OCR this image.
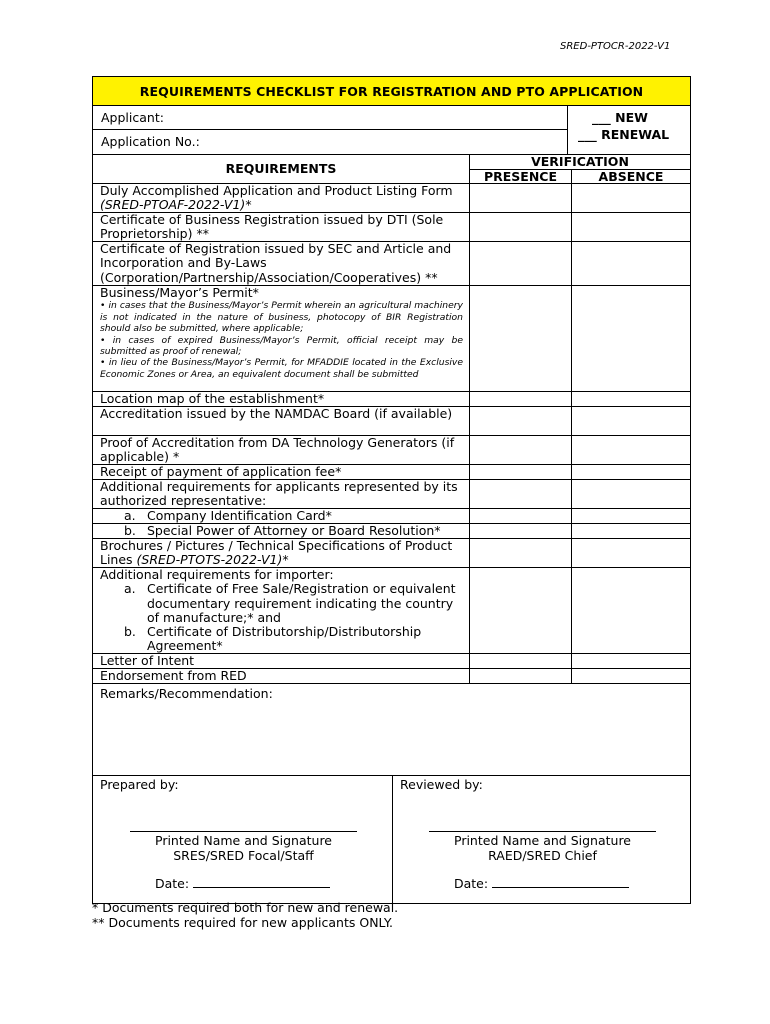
SRED-PTOCR-2022-V1
REQUIREMENTS CHECKLIST FOR REGISTRATION AND PTO APPLICATION
Applicant:
Application No.:
___ NEW
___ RENEWAL
REQUIREMENTS	VERIFICATION
PRESENCE	ABSENCE
Duly Accomplished Application and Product Listing Form (SRED-PTOAF-2022-V1)*
Certificate of Business Registration issued by DTI (Sole Proprietorship) **
Certificate of Registration issued by SEC and Article and Incorporation and By-Laws (Corporation/Partnership/Association/Cooperatives) **
Business/Mayor’s Permit*
• in cases that the Business/Mayor’s Permit wherein an agricultural machinery is not indicated in the nature of business, photocopy of BIR Registration should also be submitted, where applicable;
• in cases of expired Business/Mayor’s Permit, official receipt may be submitted as proof of renewal;
• in lieu of the Business/Mayor’s Permit, for MFADDIE located in the Exclusive Economic Zones or Area, an equivalent document shall be submitted
Location map of the establishment*
Accreditation issued by the NAMDAC Board (if available)
Proof of Accreditation from DA Technology Generators (if applicable) *
Receipt of payment of application fee*
Additional requirements for applicants represented by its authorized representative:
a. Company Identification Card*
b. Special Power of Attorney or Board Resolution*
Brochures / Pictures / Technical Specifications of Product Lines (SRED-PTOTS-2022-V1)*
Additional requirements for importer:
a. Certificate of Free Sale/Registration or equivalent documentary requirement indicating the country of manufacture;* and
b. Certificate of Distributorship/Distributorship Agreement*
Letter of Intent
Endorsement from RED
Remarks/Recommendation:
Prepared by:
Printed Name and Signature
SRES/SRED Focal/Staff
Date:
Reviewed by:
Printed Name and Signature
RAED/SRED Chief
Date:
* Documents required both for new and renewal.
** Documents required for new applicants ONLY.
